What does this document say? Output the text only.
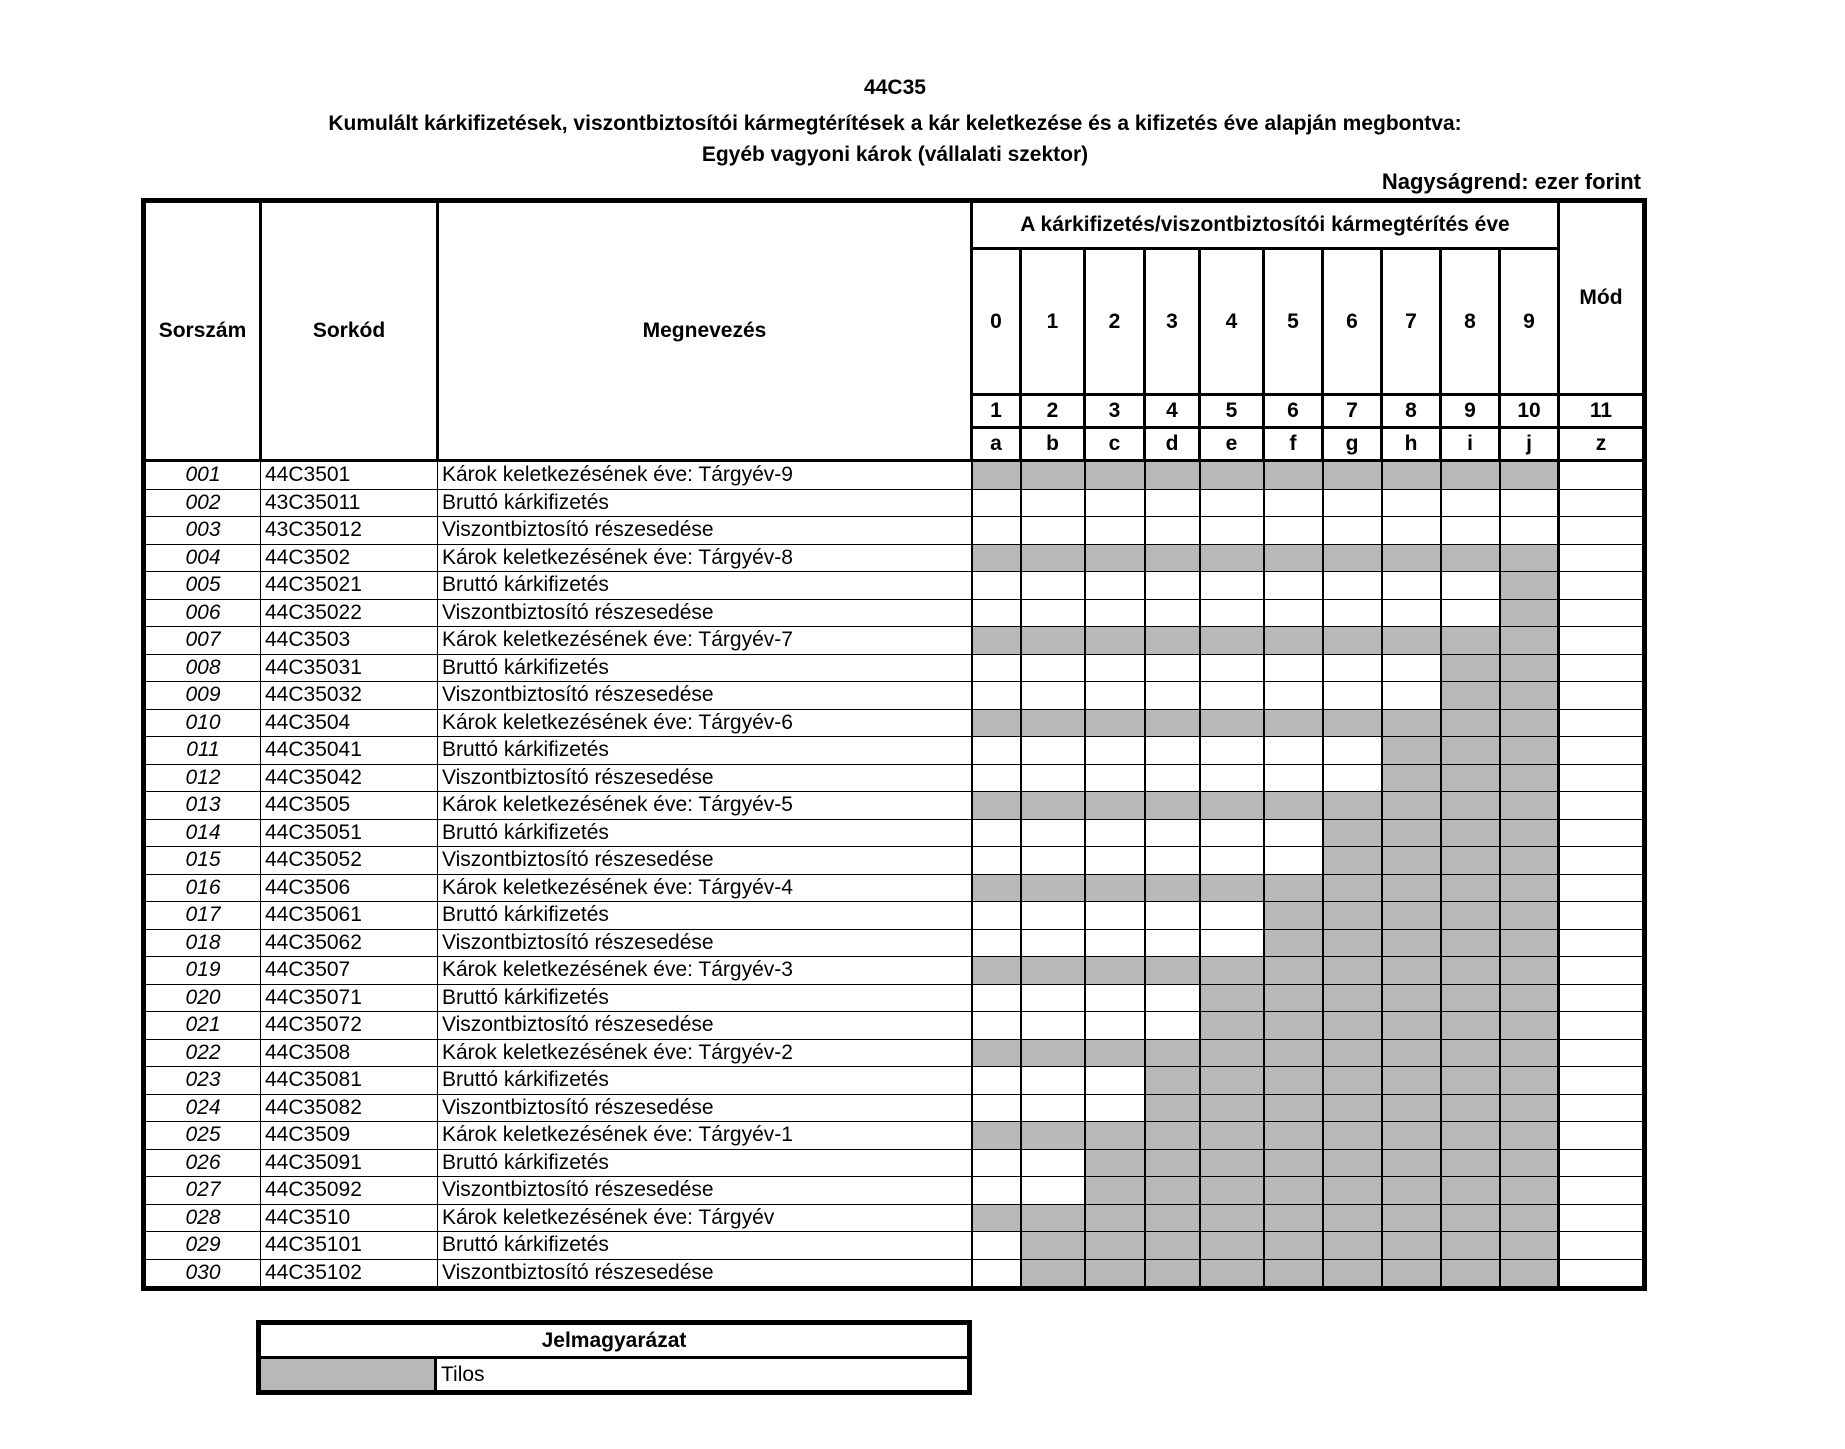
44C35
Kumulált kárkifizetések, viszontbiztosítói kármegtérítések a kár keletkezése és a kifizetés éve alapján megbontva:
Egyéb vagyoni károk (vállalati szektor)
Nagyságrend: ezer forint
Sorszám	Sorkód	Megnevezés	A kárkifizetés/viszontbiztosítói kármegtérítés éve										Mód
			0	1	2	3	4	5	6	7	8	9	
			1	2	3	4	5	6	7	8	9	10	11
			a	b	c	d	e	f	g	h	i	j	z
001	44C3501	Károk keletkezésének éve: Tárgyév-9											
002	43C35011	Bruttó kárkifizetés											
003	43C35012	Viszontbiztosító részesedése											
004	44C3502	Károk keletkezésének éve: Tárgyév-8											
005	44C35021	Bruttó kárkifizetés											
006	44C35022	Viszontbiztosító részesedése											
007	44C3503	Károk keletkezésének éve: Tárgyév-7											
008	44C35031	Bruttó kárkifizetés											
009	44C35032	Viszontbiztosító részesedése											
010	44C3504	Károk keletkezésének éve: Tárgyév-6											
011	44C35041	Bruttó kárkifizetés											
012	44C35042	Viszontbiztosító részesedése											
013	44C3505	Károk keletkezésének éve: Tárgyév-5											
014	44C35051	Bruttó kárkifizetés											
015	44C35052	Viszontbiztosító részesedése											
016	44C3506	Károk keletkezésének éve: Tárgyév-4											
017	44C35061	Bruttó kárkifizetés											
018	44C35062	Viszontbiztosító részesedése											
019	44C3507	Károk keletkezésének éve: Tárgyév-3											
020	44C35071	Bruttó kárkifizetés											
021	44C35072	Viszontbiztosító részesedése											
022	44C3508	Károk keletkezésének éve: Tárgyév-2											
023	44C35081	Bruttó kárkifizetés											
024	44C35082	Viszontbiztosító részesedése											
025	44C3509	Károk keletkezésének éve: Tárgyév-1											
026	44C35091	Bruttó kárkifizetés											
027	44C35092	Viszontbiztosító részesedése											
028	44C3510	Károk keletkezésének éve: Tárgyév											
029	44C35101	Bruttó kárkifizetés											
030	44C35102	Viszontbiztosító részesedése											
Jelmagyarázat
	Tilos
